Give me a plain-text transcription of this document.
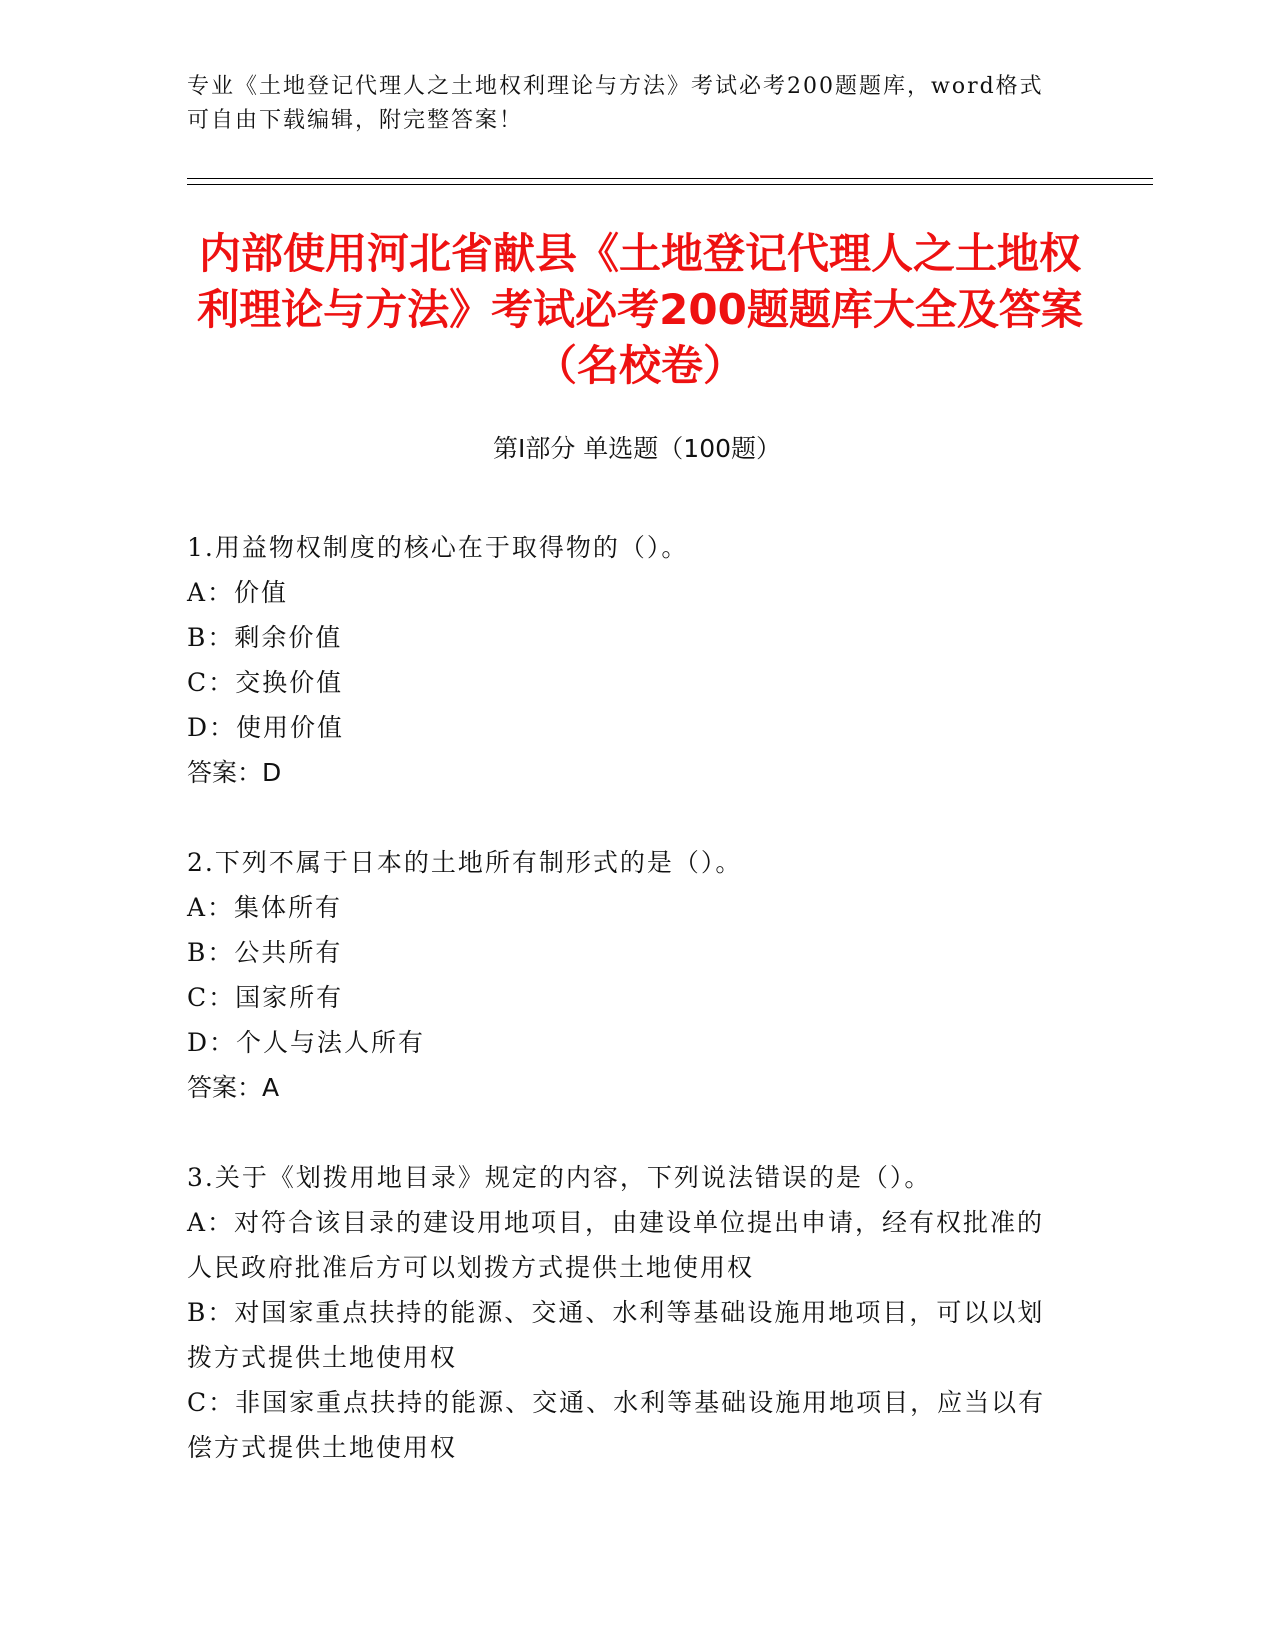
专业《土地登记代理人之土地权利理论与方法》考试必考200题题库，word格式可自由下载编辑，附完整答案！
内部使用河北省献县《土地登记代理人之土地权利理论与方法》考试必考200题题库大全及答案（名校卷）
第Ⅰ部分 单选题（100题）

1.用益物权制度的核心在于取得物的（）。

A：价值

B：剩余价值

C：交换价值

D：使用价值

答案：D

2.下列不属于日本的土地所有制形式的是（）。

A：集体所有

B：公共所有

C：国家所有

D：个人与法人所有

答案：A

3.关于《划拨用地目录》规定的内容，下列说法错误的是（）。

A：对符合该目录的建设用地项目，由建设单位提出申请，经有权批准的人民政府批准后方可以划拨方式提供土地使用权

B：对国家重点扶持的能源、交通、水利等基础设施用地项目，可以以划拨方式提供土地使用权

C：非国家重点扶持的能源、交通、水利等基础设施用地项目，应当以有偿方式提供土地使用权
